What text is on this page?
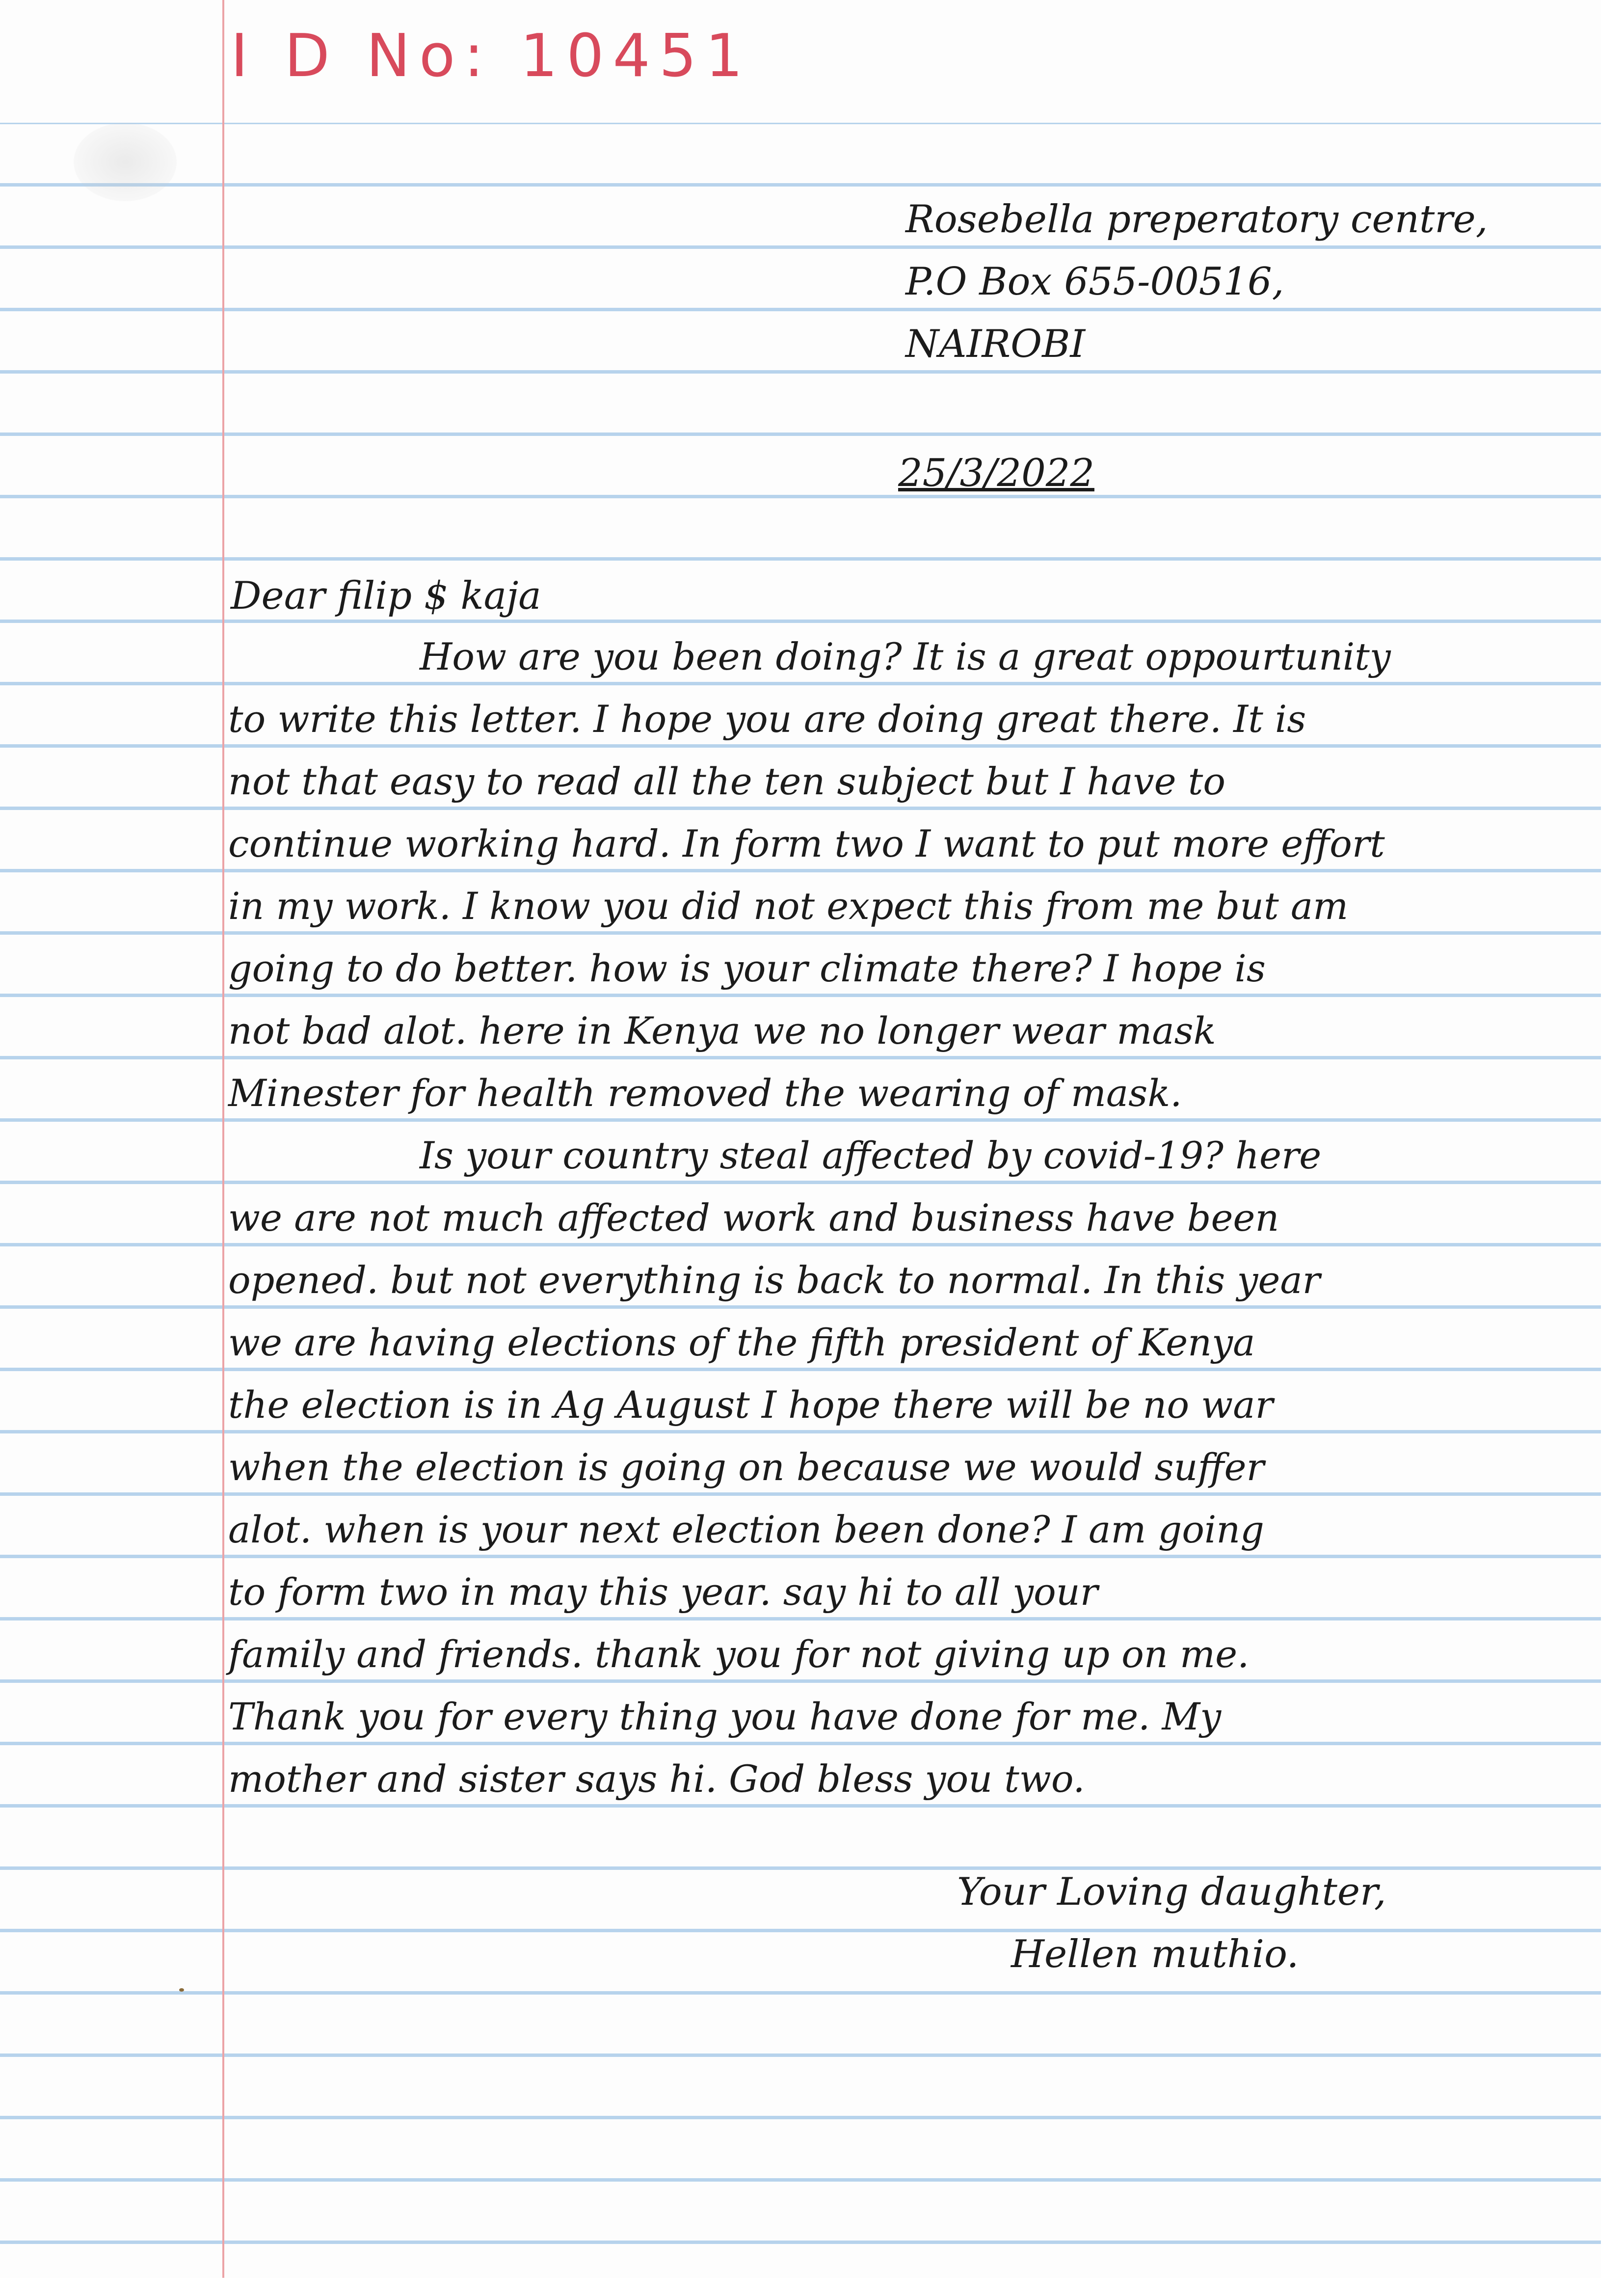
I D No: 10451

Rosebella preperatory centre,

P.O Box 655-00516,

NAIROBI

25/3/2022

Dear filip $ kaja

How are you been doing? It is a great oppourtunity

to write this letter. I hope you are doing great there. It is

not that easy to read all the ten subject but I have to

continue working hard. In form two I want to put more effort

in my work. I know you did not expect this from me but am

going to do better. how is your climate there? I hope is

not bad alot. here in Kenya we no longer wear mask

Minester for health removed the wearing of mask.

Is your country steal affected by covid-19? here

we are not much affected work and business have been

opened. but not everything is back to normal. In this year

we are having elections of the fifth president of Kenya

the election is in Ag August I hope there will be no war

when the election is going on because we would suffer

alot. when is your next election been done? I am going

to form two in may this year. say hi to all your

family and friends. thank you for not giving up on me.

Thank you for every thing you have done for me. My

mother and sister says hi. God bless you two.

Your Loving daughter,

Hellen muthio.
